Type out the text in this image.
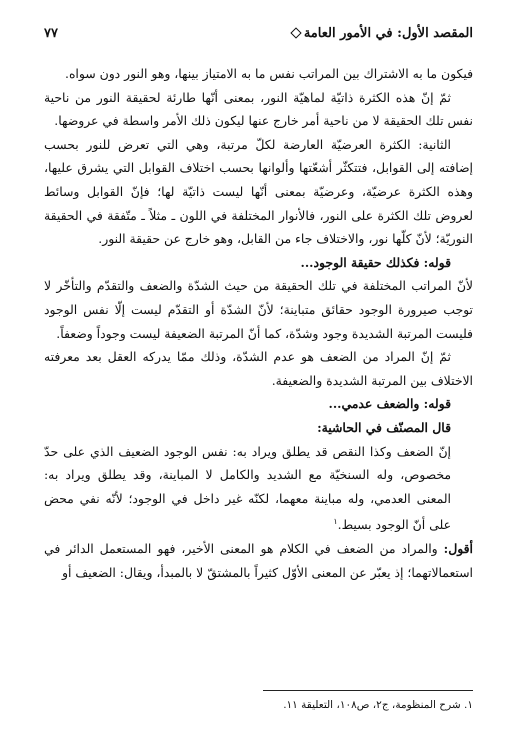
المقصد الأول: في الأمور العامة
٧٧

فيكون ما به الاشتراك بين المراتب نفس ما به الامتياز بينها، وهو النور دون سواه.

ثمّ إنّ هذه الكثرة ذاتيّة لماهيّة النور، بمعنى أنّها طارئة لحقيقة النور من ناحية نفس تلك الحقيقة لا من ناحية أمر خارج عنها ليكون ذلك الأمر واسطة في عروضها.

الثانية: الكثرة العرضيّة العارضة لكلّ مرتبة، وهي التي تعرض للنور بحسب إضافته إلى القوابل، فتتكثّر أشعّتها وألوانها بحسب اختلاف القوابل التي يشرق عليها، وهذه الكثرة عرضيّة، وعرضيّة بمعنى أنّها ليست ذاتيّة لها؛ فإنّ القوابل وسائط لعروض تلك الكثرة على النور، فالأنوار المختلفة في اللون ـ مثلاً ـ متّفقة في الحقيقة النوريّة؛ لأنّ كلّها نور، والاختلاف جاء من القابل، وهو خارج عن حقيقة النور.

قوله: فكذلك حقيقة الوجود...

لأنّ المراتب المختلفة في تلك الحقيقة من حيث الشدّة والضعف والتقدّم والتأخّر لا توجب صيرورة الوجود حقائق متباينة؛ لأنّ الشدّة أو التقدّم ليست إلّا نفس الوجود فليست المرتبة الشديدة وجود وشدّة، كما أنّ المرتبة الضعيفة ليست وجوداً وضعفاً.

ثمّ إنّ المراد من الضعف هو عدم الشدّة، وذلك ممّا يدركه العقل بعد معرفته الاختلاف بين المرتبة الشديدة والضعيفة.

قوله: والضعف عدمي...

قال المصنّف في الحاشية:

إنّ الضعف وكذا النقص قد يطلق ويراد به: نفس الوجود الضعيف الذي على حدّ مخصوص، وله السنخيّة مع الشديد والكامل لا المباينة، وقد يطلق ويراد به: المعنى العدمي، وله مباينة معهما، لكنّه غير داخل في الوجود؛ لأنّه نفي محض على أنّ الوجود بسيط.$^١$

أقول: والمراد من الضعف في الكلام هو المعنى الأخير، فهو المستعمل الدائر في استعمالاتهما؛ إذ يعبّر عن المعنى الأوّل كثيراً بالمشتقّ لا بالمبدأ، ويقال: الضعيف أو

١. شرح المنظومة، ج٢، ص١٠٨، التعليقة ١١.
